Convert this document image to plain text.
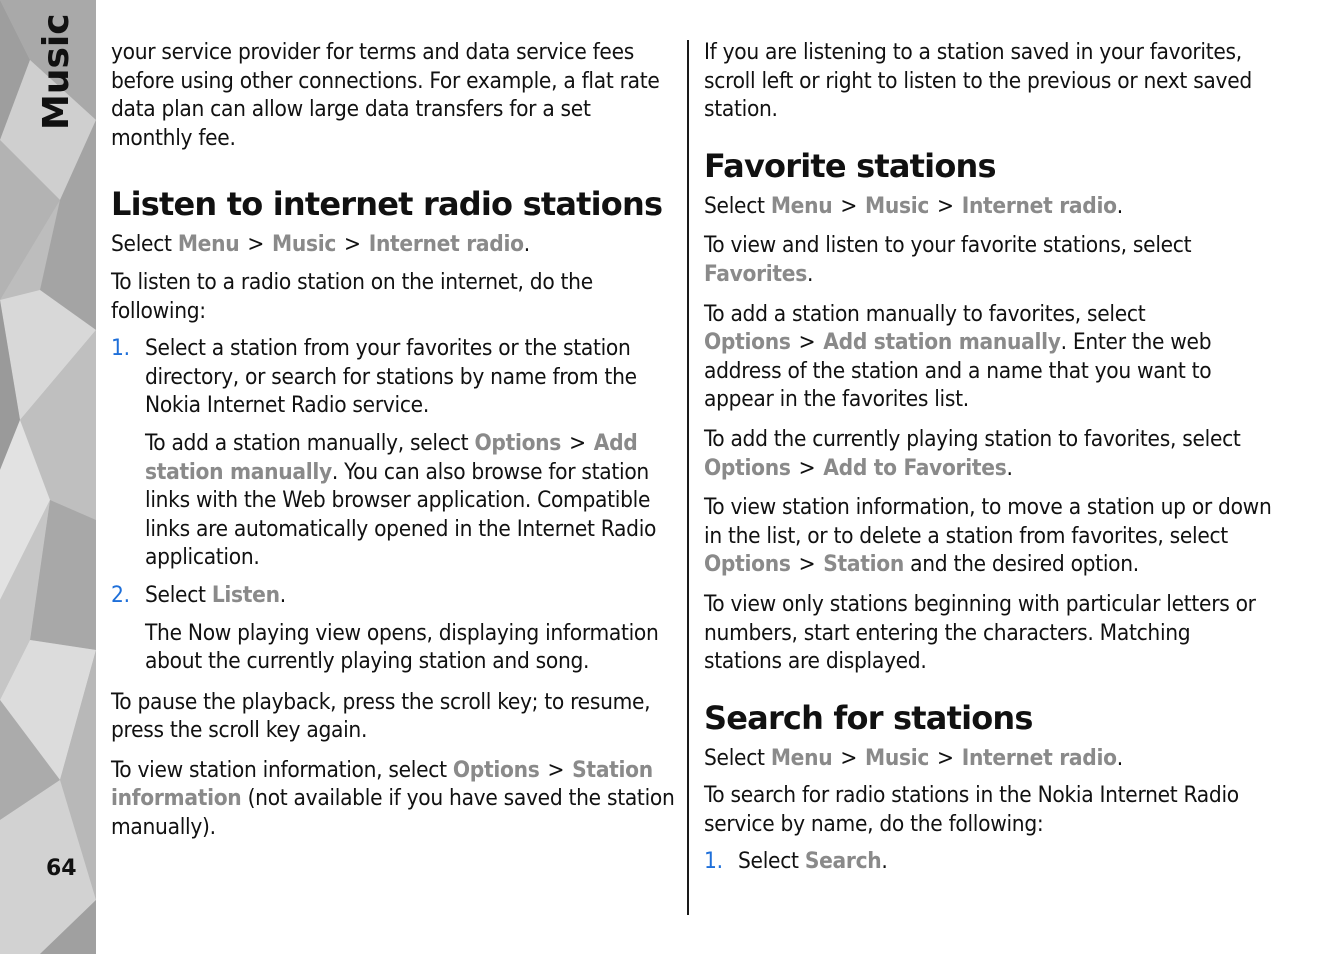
Music
64

your service provider for terms and data service fees before using other connections. For example, a flat rate data plan can allow large data transfers for a set monthly fee.

Listen to internet radio stations

Select Menu > Music > Internet radio.

To listen to a radio station on the internet, do the following:

1. Select a station from your favorites or the station directory, or search for stations by name from the Nokia Internet Radio service.

To add a station manually, select Options > Add station manually. You can also browse for station links with the Web browser application. Compatible links are automatically opened in the Internet Radio application.

2. Select Listen.

The Now playing view opens, displaying information about the currently playing station and song.

To pause the playback, press the scroll key; to resume, press the scroll key again.

To view station information, select Options > Station information (not available if you have saved the station manually).

If you are listening to a station saved in your favorites, scroll left or right to listen to the previous or next saved station.

Favorite stations

Select Menu > Music > Internet radio.

To view and listen to your favorite stations, select Favorites.

To add a station manually to favorites, select Options > Add station manually. Enter the web address of the station and a name that you want to appear in the favorites list.

To add the currently playing station to favorites, select Options > Add to Favorites.

To view station information, to move a station up or down in the list, or to delete a station from favorites, select Options > Station and the desired option.

To view only stations beginning with particular letters or numbers, start entering the characters. Matching stations are displayed.

Search for stations

Select Menu > Music > Internet radio.

To search for radio stations in the Nokia Internet Radio service by name, do the following:

1. Select Search.
